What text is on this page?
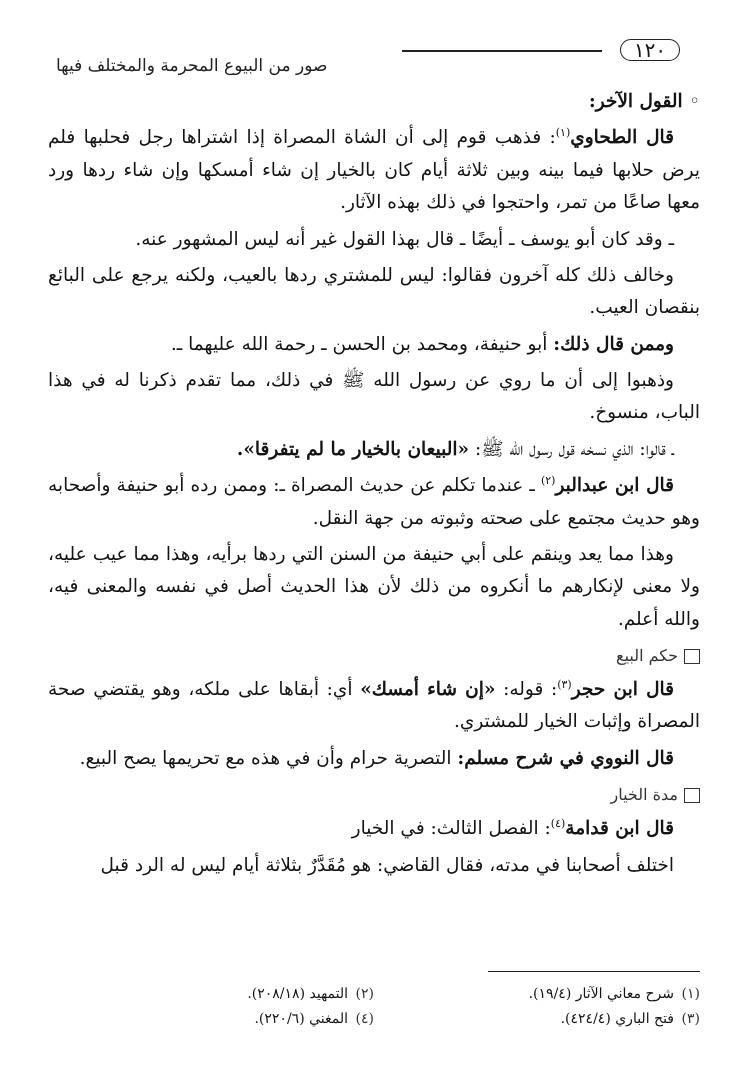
١٢٠
صور من البيوع المحرمة والمختلف فيها

◦ القول الآخر:

قال الطحاوي$^{(١)}$: فذهب قوم إلى أن الشاة المصراة إذا اشتراها رجل فحلبها فلم يرض حلابها فيما بينه وبين ثلاثة أيام كان بالخيار إن شاء أمسكها وإن شاء ردها ورد معها صاعًا من تمر، واحتجوا في ذلك بهذه الآثار.

ـ وقد كان أبو يوسف ـ أيضًا ـ قال بهذا القول غير أنه ليس المشهور عنه.

وخالف ذلك كله آخرون فقالوا: ليس للمشتري ردها بالعيب، ولكنه يرجع على البائع بنقصان العيب.

وممن قال ذلك: أبو حنيفة، ومحمد بن الحسن ـ رحمة الله عليهما ـ.

وذهبوا إلى أن ما روي عن رسول الله ﷺ في ذلك، مما تقدم ذكرنا له في هذا الباب، منسوخ.

ـ قالوا: الذي نسخه قول رسول الله ﷺ: «البيعان بالخيار ما لم يتفرقا».

قال ابن عبدالبر$^{(٢)}$ ـ عندما تكلم عن حديث المصراة ـ: وممن رده أبو حنيفة وأصحابه وهو حديث مجتمع على صحته وثبوته من جهة النقل.

وهذا مما يعد وينقم على أبي حنيفة من السنن التي ردها برأيه، وهذا مما عيب عليه، ولا معنى لإنكارهم ما أنكروه من ذلك لأن هذا الحديث أصل في نفسه والمعنى فيه، والله أعلم.

حكم البيع

قال ابن حجر$^{(٣)}$: قوله: «إن شاء أمسك» أي: أبقاها على ملكه، وهو يقتضي صحة المصراة وإثبات الخيار للمشتري.

قال النووي في شرح مسلم: التصرية حرام وأن في هذه مع تحريمها يصح البيع.

مدة الخيار

قال ابن قدامة$^{(٤)}$: الفصل الثالث: في الخيار

اختلف أصحابنا في مدته، فقال القاضي: هو مُقَدَّرٌ بثلاثة أيام ليس له الرد قبل

(١)شرح معاني الآثار (١٩/٤).
(٢)التمهيد (٢٠٨/١٨).
(٣)فتح الباري (٤٢٤/٤).
(٤)المغني (٢٢٠/٦).
